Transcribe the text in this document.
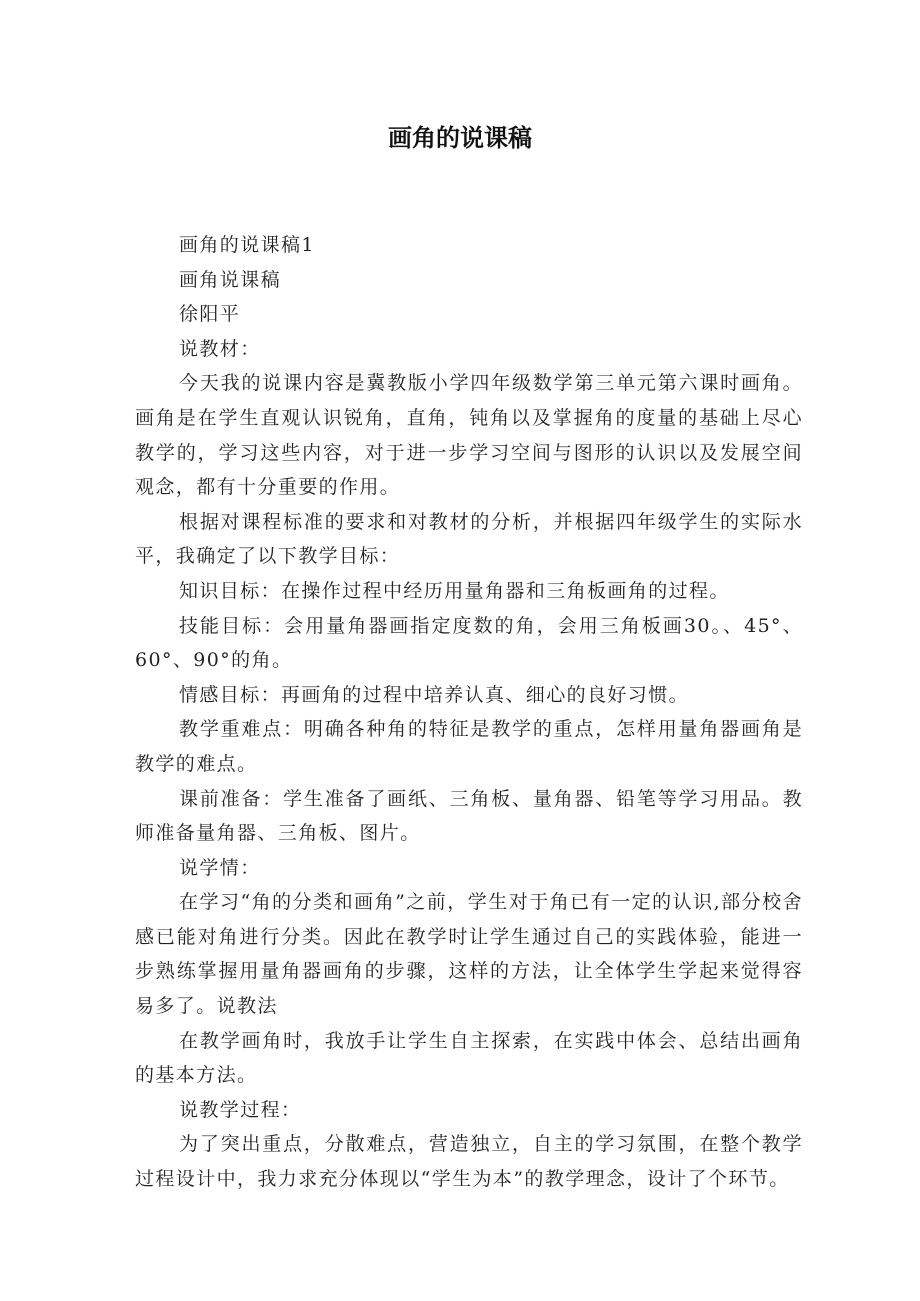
画角的说课稿

画角的说课稿1

画角说课稿

徐阳平

说教材：

今天我的说课内容是冀教版小学四年级数学第三单元第六课时画角。画角是在学生直观认识锐角，直角，钝角以及掌握角的度量的基础上尽心教学的，学习这些内容，对于进一步学习空间与图形的认识以及发展空间观念，都有十分重要的作用。

根据对课程标准的要求和对教材的分析，并根据四年级学生的实际水平，我确定了以下教学目标：

知识目标：在操作过程中经历用量角器和三角板画角的过程。

技能目标：会用量角器画指定度数的角，会用三角板画30。、45°、60°、90°的角。

情感目标：再画角的过程中培养认真、细心的良好习惯。

教学重难点：明确各种角的特征是教学的重点，怎样用量角器画角是教学的难点。

课前准备：学生准备了画纸、三角板、量角器、铅笔等学习用品。教师准备量角器、三角板、图片。

说学情：

在学习“角的分类和画角”之前，学生对于角已有一定的认识,部分校舍感已能对角进行分类。因此在教学时让学生通过自己的实践体验，能进一步熟练掌握用量角器画角的步骤，这样的方法，让全体学生学起来觉得容易多了。说教法

在教学画角时，我放手让学生自主探索，在实践中体会、总结出画角的基本方法。

说教学过程：

为了突出重点，分散难点，营造独立，自主的学习氛围，在整个教学过程设计中，我力求充分体现以“学生为本”的教学理念，设计了个环节。
